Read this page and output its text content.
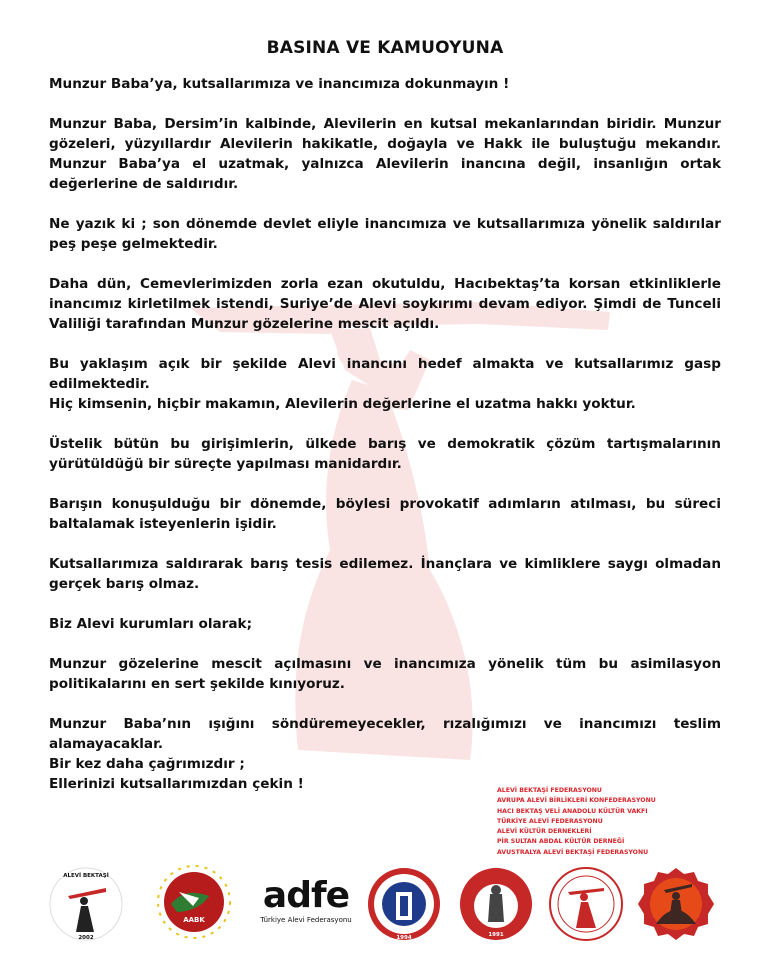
BASINA VE KAMUOYUNA

Munzur Baba’ya, kutsallarımıza ve inancımıza dokunmayın !

Munzur Baba, Dersim’in kalbinde, Alevilerin en kutsal mekanlarından biridir. Munzur gözeleri, yüzyıllardır Alevilerin hakikatle, doğayla ve Hakk ile buluştuğu mekandır. Munzur Baba’ya el uzatmak, yalnızca Alevilerin inancına değil, insanlığın ortak değerlerine de saldırıdır.

Ne yazık ki ; son dönemde devlet eliyle inancımıza ve kutsallarımıza yönelik saldırılar peş peşe gelmektedir.

Daha dün, Cemevlerimizden zorla ezan okutuldu, Hacıbektaş’ta korsan etkinliklerle inancımız kirletilmek istendi, Suriye’de Alevi soykırımı devam ediyor. Şimdi de Tunceli Valiliği tarafından Munzur gözelerine mescit açıldı.

Bu yaklaşım açık bir şekilde Alevi inancını hedef almakta ve kutsallarımız gasp edilmektedir.

Hiç kimsenin, hiçbir makamın, Alevilerin değerlerine el uzatma hakkı yoktur.

Üstelik bütün bu girişimlerin, ülkede barış ve demokratik çözüm tartışmalarının yürütüldüğü bir süreçte yapılması manidardır.

Barışın konuşulduğu bir dönemde, böylesi provokatif adımların atılması, bu süreci baltalamak isteyenlerin işidir.

Kutsallarımıza saldırarak barış tesis edilemez. İnançlara ve kimliklere saygı olmadan gerçek barış olmaz.

Biz Alevi kurumları olarak;

Munzur gözelerine mescit açılmasını ve inancımıza yönelik tüm bu asimilasyon politikalarını en sert şekilde kınıyoruz.

Munzur Baba’nın ışığını söndüremeyecekler, rızalığımızı ve inancımızı teslim alamayacaklar.

Bir kez daha çağrımızdır ;
Ellerinizi kutsallarımızdan çekin !	ALEVİ BEKTAŞİ FEDERASYONU
AVRUPA ALEVİ BİRLİKLERİ KONFEDERASYONU
HACI BEKTAŞ VELİ ANADOLU KÜLTÜR VAKFI
TÜRKİYE ALEVİ FEDERASYONU
ALEVİ KÜLTÜR DERNEKLERİ
PİR SULTAN ABDAL KÜLTÜR DERNEĞİ
AVUSTRALYA ALEVİ BEKTAŞİ FEDERASYONU
ALEVİ BEKTAŞİ
2002
AABK
adfe
Türkiye Alevi Federasyonu
1994	1991
